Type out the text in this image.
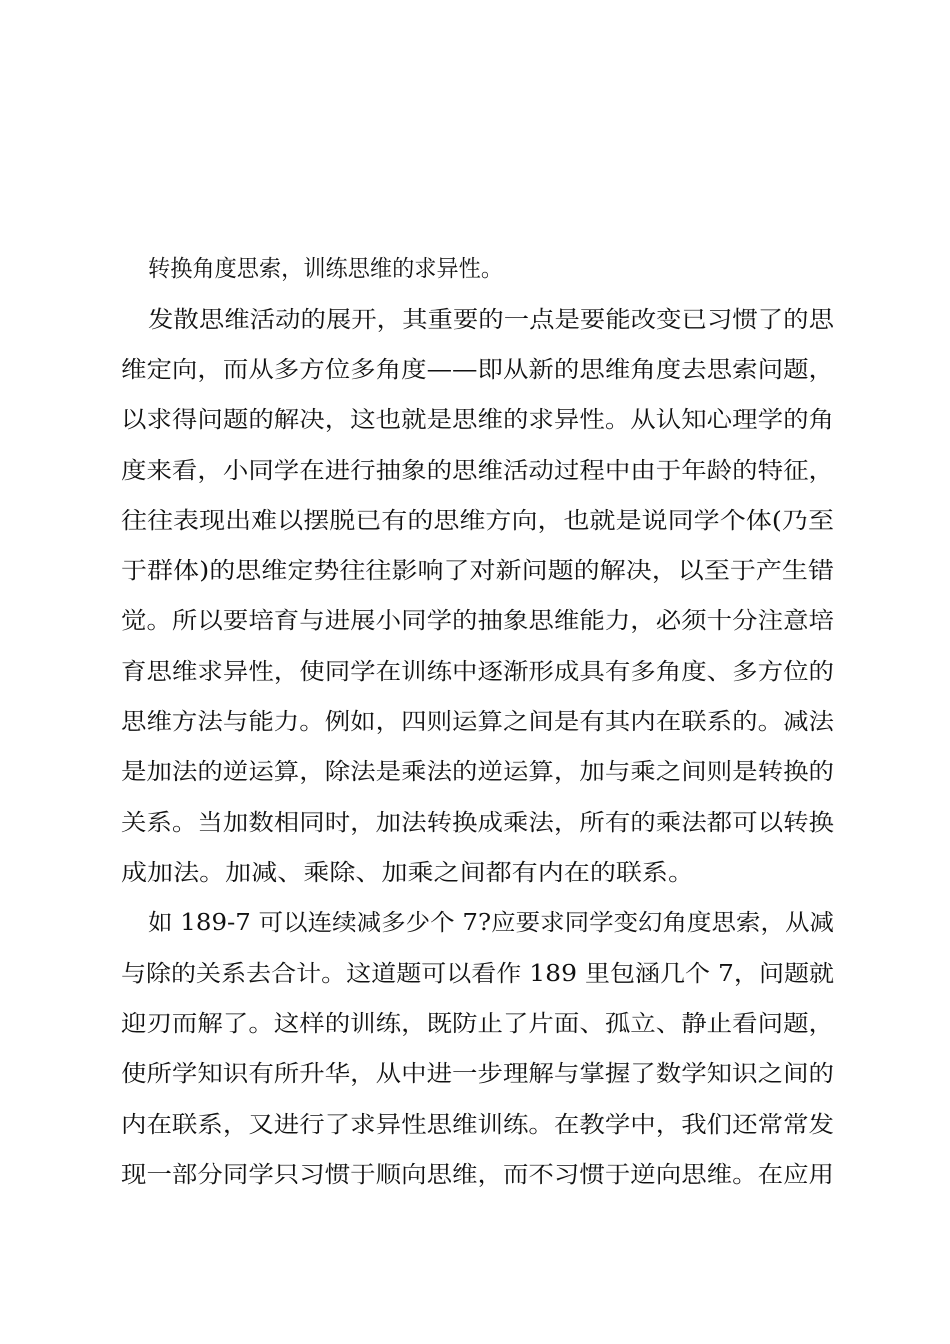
转换角度思索，训练思维的求异性。
发散思维活动的展开，其重要的一点是要能改变已习惯了的思
维定向，而从多方位多角度——即从新的思维角度去思索问题，
以求得问题的解决，这也就是思维的求异性。从认知心理学的角
度来看，小同学在进行抽象的思维活动过程中由于年龄的特征，
往往表现出难以摆脱已有的思维方向，也就是说同学个体(乃至
于群体)的思维定势往往影响了对新问题的解决，以至于产生错
觉。所以要培育与进展小同学的抽象思维能力，必须十分注意培
育思维求异性，使同学在训练中逐渐形成具有多角度、多方位的
思维方法与能力。例如，四则运算之间是有其内在联系的。减法
是加法的逆运算，除法是乘法的逆运算，加与乘之间则是转换的
关系。当加数相同时，加法转换成乘法，所有的乘法都可以转换
成加法。加减、乘除、加乘之间都有内在的联系。
如 189-7 可以连续减多少个 7?应要求同学变幻角度思索，从减
与除的关系去合计。这道题可以看作 189 里包涵几个 7，问题就
迎刃而解了。这样的训练，既防止了片面、孤立、静止看问题，
使所学知识有所升华，从中进一步理解与掌握了数学知识之间的
内在联系，又进行了求异性思维训练。在教学中，我们还常常发
现一部分同学只习惯于顺向思维，而不习惯于逆向思维。在应用
